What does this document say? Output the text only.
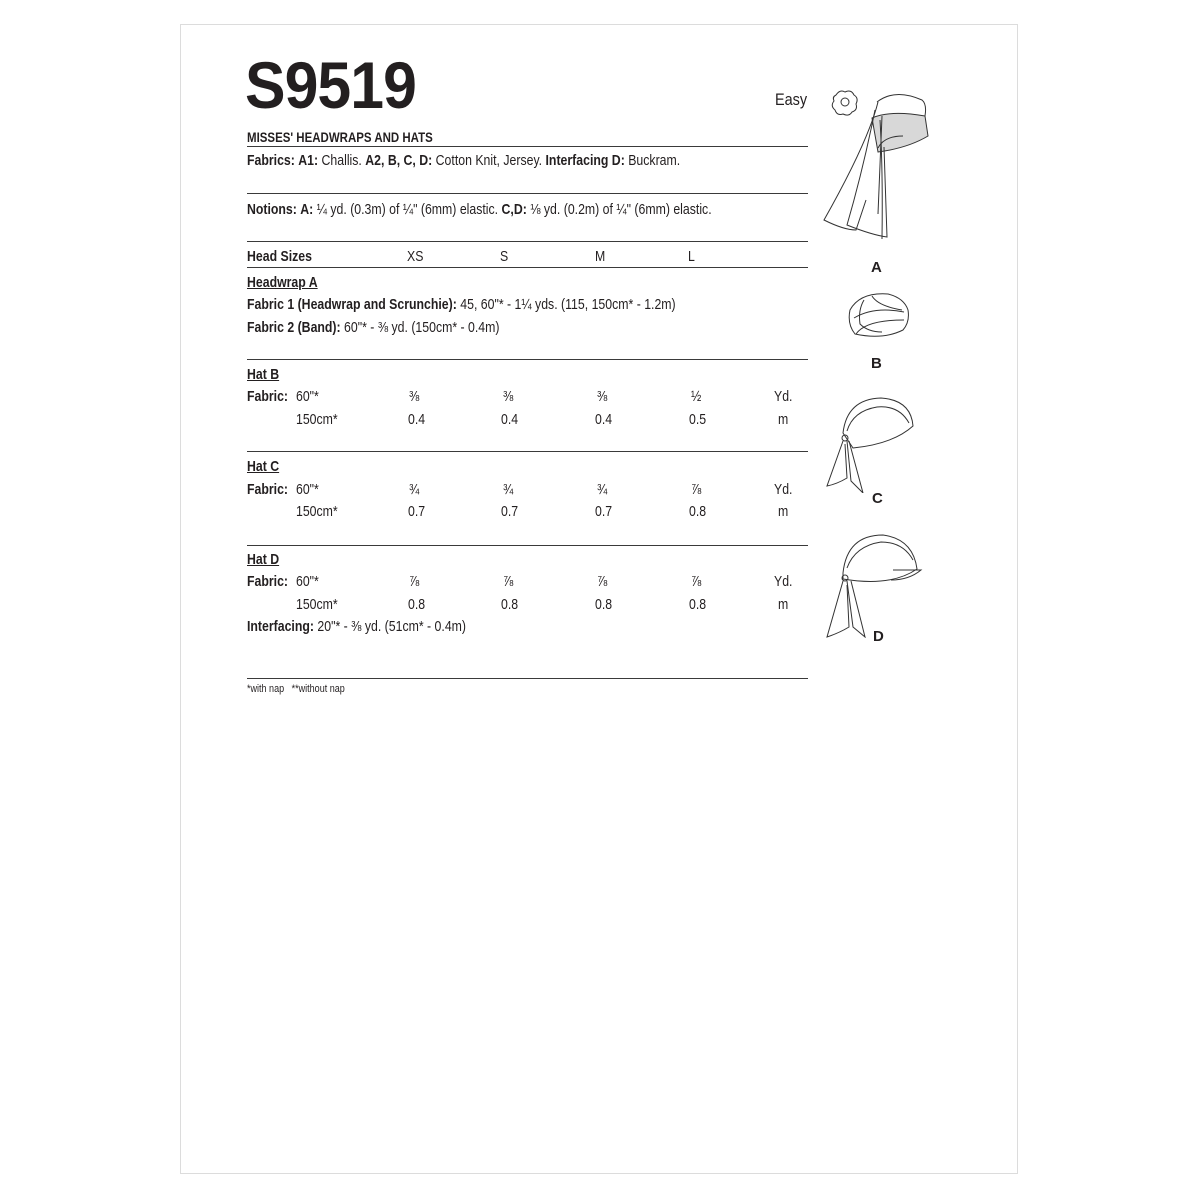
S9519	Easy
MISSES' HEADWRAPS AND HATS
Fabrics: A1: Challis. A2, B, C, D: Cotton Knit, Jersey. Interfacing D: Buckram.
Notions: A: ¼ yd. (0.3m) of ¼" (6mm) elastic. C,D: ⅛ yd. (0.2m) of ¼" (6mm) elastic.
Head Sizes	XS	S	M	L
Headwrap A
Fabric 1 (Headwrap and Scrunchie): 45, 60"* - 1¼ yds. (115, 150cm* - 1.2m)
Fabric 2 (Band): 60"* - ⅜ yd. (150cm* - 0.4m)
Hat B
Fabric: 60"*	⅜	⅜	⅜	½	Yd.
150cm*	0.4	0.4	0.4	0.5	m
Hat C
Fabric: 60"*	¾	¾	¾	⅞	Yd.
150cm*	0.7	0.7	0.7	0.8	m
Hat D
Fabric: 60"*	⅞	⅞	⅞	⅞	Yd.
150cm*	0.8	0.8	0.8	0.8	m
Interfacing: 20"* - ⅜ yd. (51cm* - 0.4m)
*with nap   **without nap
A
B
C
D
